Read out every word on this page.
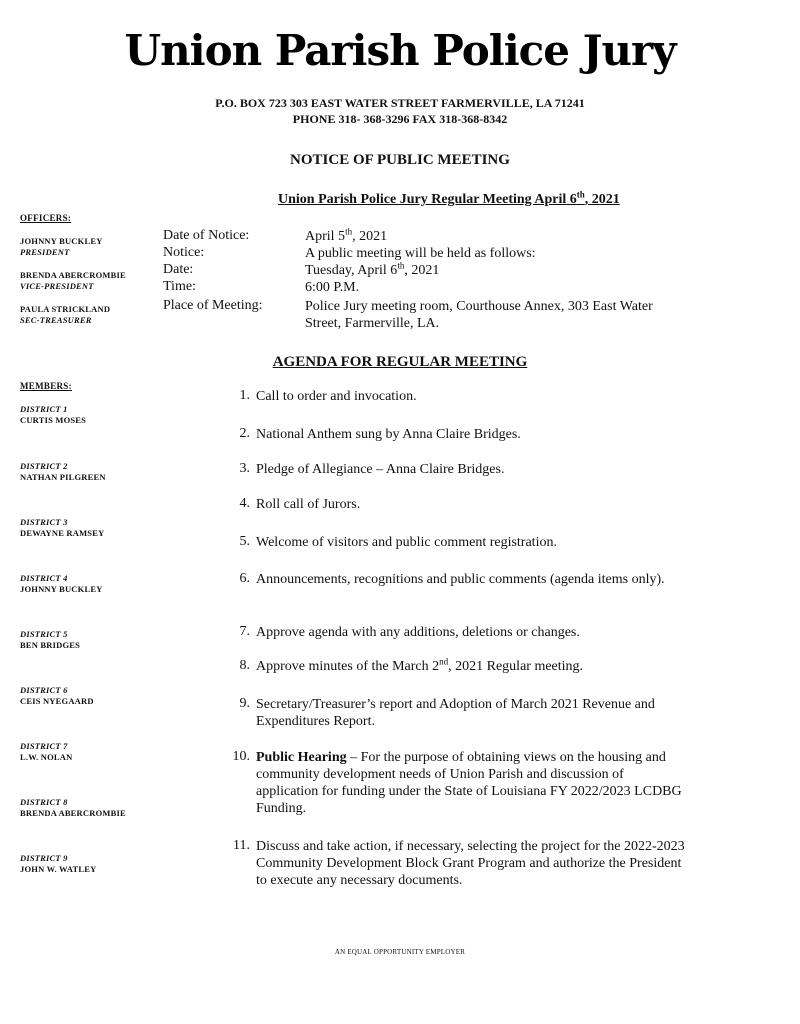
Union Parish Police Jury
P.O. BOX 723 303 EAST WATER STREET FARMERVILLE, LA 71241
PHONE 318- 368-3296 FAX 318-368-8342
NOTICE OF PUBLIC MEETING
Union Parish Police Jury Regular Meeting April 6th, 2021
OFFICERS:
JOHNNY BUCKLEY
PRESIDENT
BRENDA ABERCROMBIE
VICE-PRESIDENT
PAULA STRICKLAND
SEC-TREASURER
MEMBERS:
DISTRICT 1
CURTIS MOSES
DISTRICT 2
NATHAN PILGREEN
DISTRICT 3
DEWAYNE RAMSEY
DISTRICT 4
JOHNNY BUCKLEY
DISTRICT 5
BEN BRIDGES
DISTRICT 6
CEIS NYEGAARD
DISTRICT 7
L.W. NOLAN
DISTRICT 8
BRENDA ABERCROMBIE
DISTRICT 9
JOHN W. WATLEY
Date of Notice:	April 5th, 2021
Notice:	A public meeting will be held as follows:
Date:	Tuesday, April 6th, 2021
Time:	6:00 P.M.
Place of Meeting:	Police Jury meeting room, Courthouse Annex, 303 East Water Street, Farmerville, LA.
AGENDA FOR REGULAR MEETING
1. Call to order and invocation.
2. National Anthem sung by Anna Claire Bridges.
3. Pledge of Allegiance – Anna Claire Bridges.
4. Roll call of Jurors.
5. Welcome of visitors and public comment registration.
6. Announcements, recognitions and public comments (agenda items only).
7. Approve agenda with any additions, deletions or changes.
8. Approve minutes of the March 2nd, 2021 Regular meeting.
9. Secretary/Treasurer’s report and Adoption of March 2021 Revenue and Expenditures Report.
10. Public Hearing – For the purpose of obtaining views on the housing and community development needs of Union Parish and discussion of application for funding under the State of Louisiana FY 2022/2023 LCDBG Funding.
11. Discuss and take action, if necessary, selecting the project for the 2022-2023 Community Development Block Grant Program and authorize the President to execute any necessary documents.
AN EQUAL OPPORTUNITY EMPLOYER
